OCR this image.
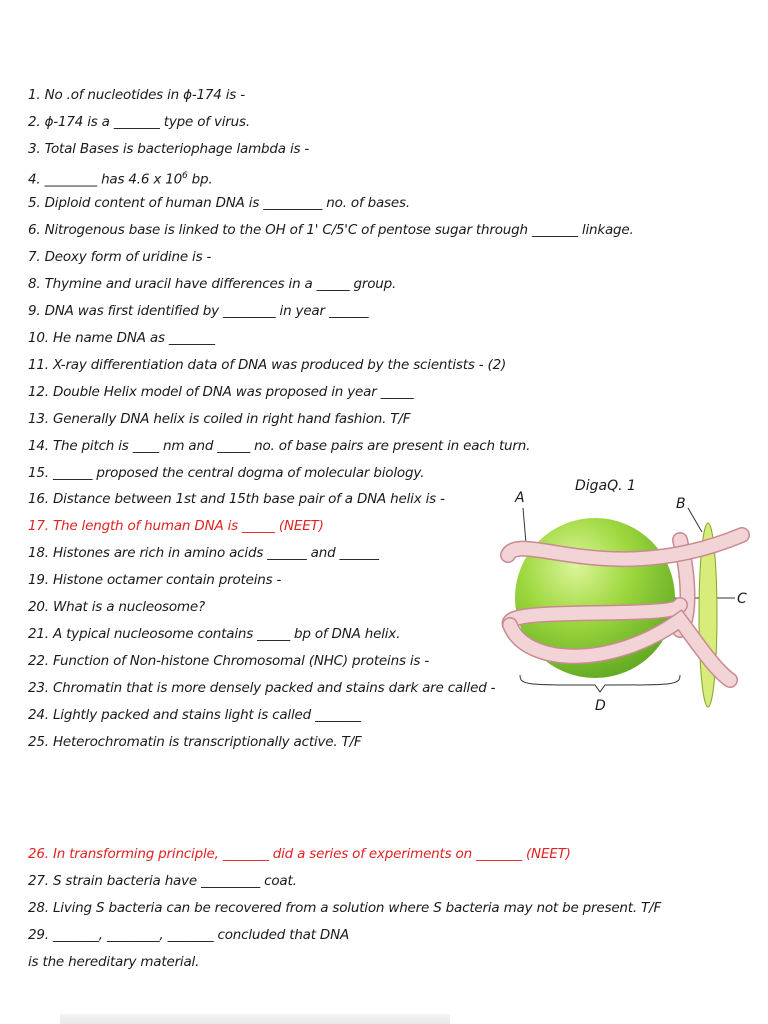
1. No .of nucleotides in ϕ-174 is -
2. ϕ-174 is a _______ type of virus.
3. Total Bases is bacteriophage lambda is -
4. ________ has 4.6 x $10^6$ bp.
5. Diploid content of human DNA is _________ no. of bases.
6. Nitrogenous base is linked to the OH of 1' C/5'C of pentose sugar through _______ linkage.
7. Deoxy form of uridine is -
8. Thymine and uracil have differences in a _____ group.
9. DNA was first identified by ________ in year ______
10. He name DNA as _______
11. X-ray differentiation data of DNA was produced by the scientists - (2)
12. Double Helix model of DNA was proposed in year _____
13. Generally DNA helix is coiled in right hand fashion. T/F
14. The pitch is ____ nm and _____ no. of base pairs are present in each turn.
15. ______ proposed the central dogma of molecular biology.
16. Distance between 1st and 15th base pair of a DNA helix is -
17. The length of human DNA is _____ (NEET)
18. Histones are rich in amino acids ______ and ______
19. Histone octamer contain proteins -
20. What is a nucleosome?
21. A typical nucleosome contains _____ bp of DNA helix.
22. Function of Non-histone Chromosomal (NHC) proteins is -
23. Chromatin that is more densely packed and stains dark are called -
24. Lightly packed and stains light is called _______
25. Heterochromatin is transcriptionally active. T/F
26. In transforming principle, _______ did a series of experiments on _______ (NEET)
27. S strain bacteria have _________ coat.
28. Living S bacteria can be recovered from a solution where S bacteria may not be present. T/F
29. _______, ________, _______ concluded that DNA
is the hereditary material.
DigaQ. 1
A	B
C
D
